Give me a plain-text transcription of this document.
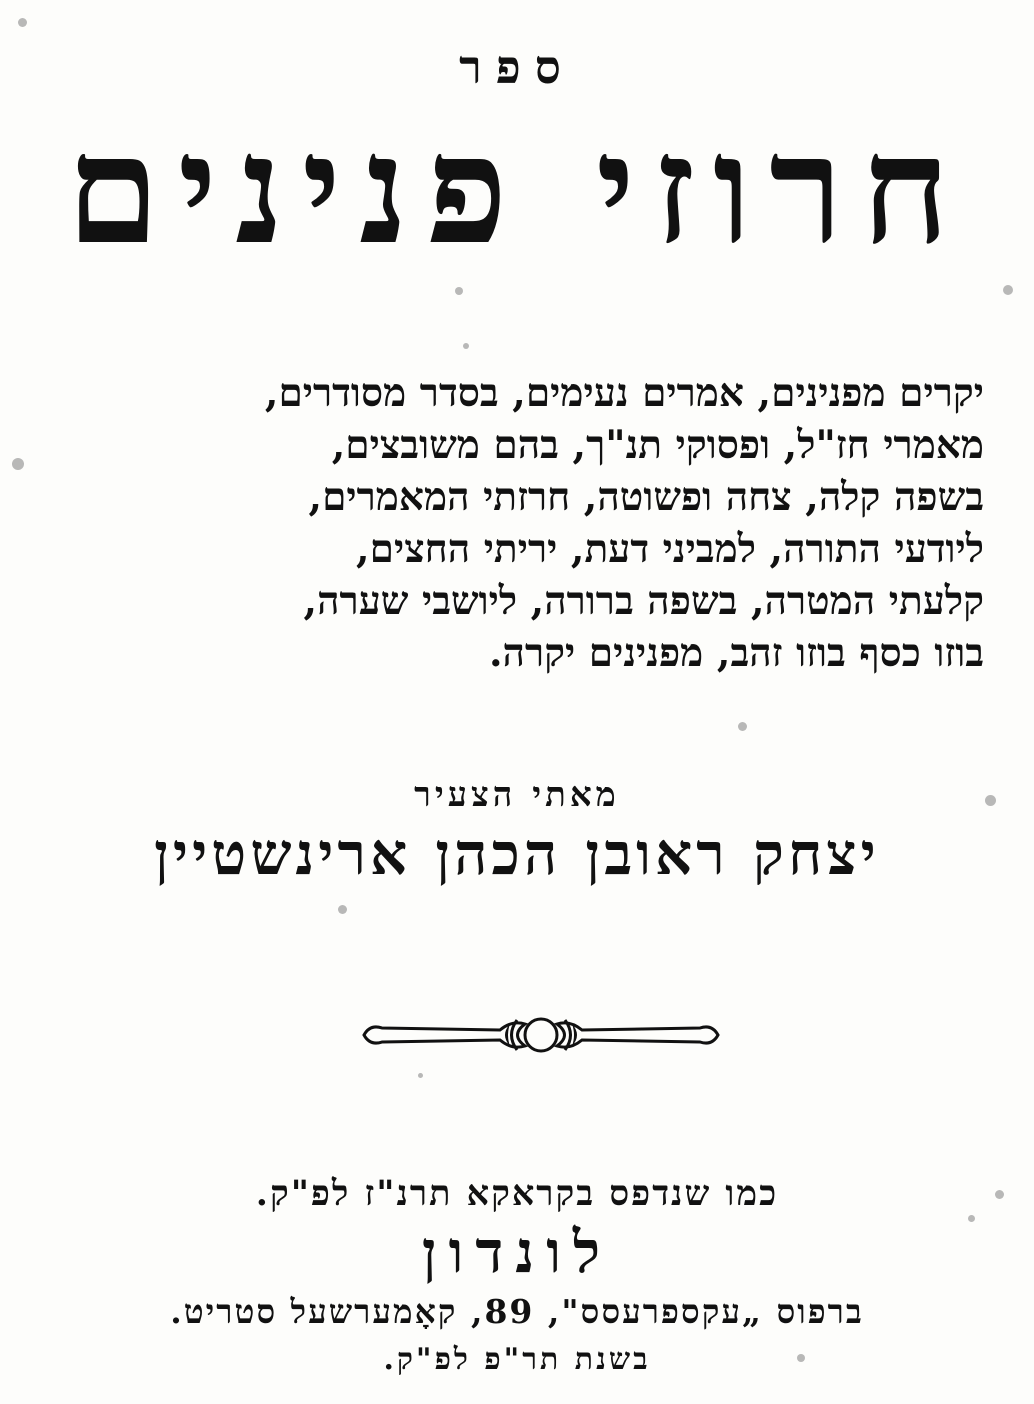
ספר
חרוזי פנינים
יקרים מפנינים, אמרים נעימים, בסדר מסודרים,
מאמרי חז"ל, ופסוקי תנ"ך, בהם משובצים,
בשפה קלה, צחה ופשוטה, חרזתי המאמרים,
ליודעי התורה, למביני דעת, יריתי החצים,
קלעתי המטרה, בשפה ברורה, ליושבי שערה,
בוזו כסף בוזו זהב, מפנינים יקרה.
מאתי הצעיר
יצחק ראובן הכהן ארינשטיין
כמו שנדפס בקראקא תרנ"ז לפ"ק.
לונדון
ברפוס „עקספרעסס", 89, קאָמערשעל סטריט.
בשנת תר"פ לפ"ק.
